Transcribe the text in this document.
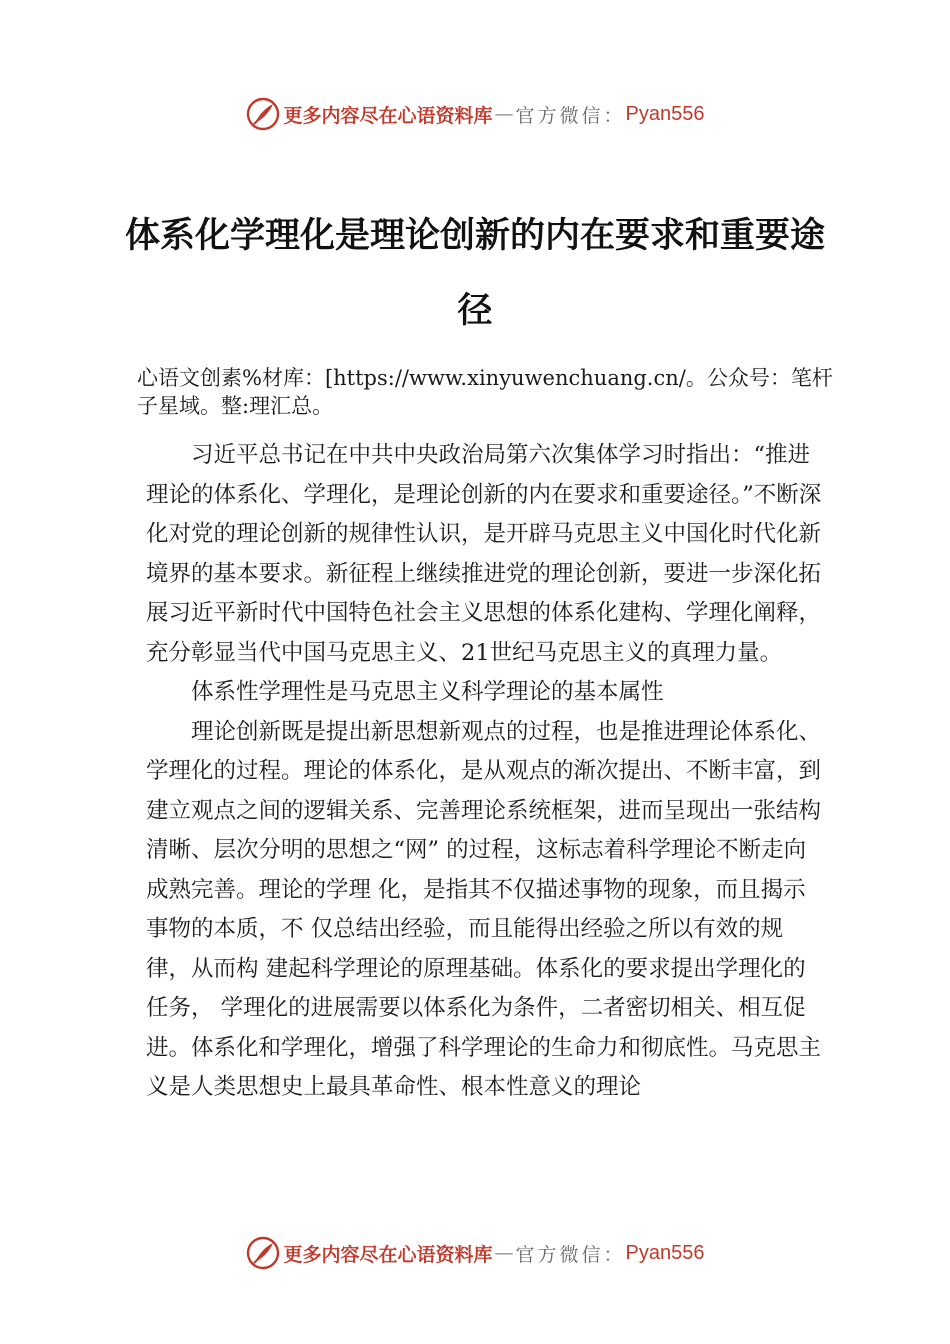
更多内容尽在心语资料库 — 官方微信： Pyan556
体系化学理化是理论创新的内在要求和重要途径
心语文创素%材库：[https://www.xinyuwenchuang.cn/。公众号：笔杆子星域。整:理汇总。

习近平总书记在中共中央政治局第六次集体学习时指出：“推进理论的体系化、学理化，是理论创新的内在要求和重要途径。”不断深化对党的理论创新的规律性认识，是开辟马克思主义中国化时代化新境界的基本要求。新征程上继续推进党的理论创新，要进一步深化拓展习近平新时代中国特色社会主义思想的体系化建构、学理化阐释，充分彰显当代中国马克思主义、21世纪马克思主义的真理力量。

体系性学理性是马克思主义科学理论的基本属性

理论创新既是提出新思想新观点的过程，也是推进理论体系化、学理化的过程。理论的体系化，是从观点的渐次提出、不断丰富，到建立观点之间的逻辑关系、完善理论系统框架，进而呈现出一张结构清晰、层次分明的思想之“网” 的过程，这标志着科学理论不断走向成熟完善。理论的学理 化，是指其不仅描述事物的现象，而且揭示事物的本质，不 仅总结出经验，而且能得出经验之所以有效的规律，从而构 建起科学理论的原理基础。体系化的要求提出学理化的任务， 学理化的进展需要以体系化为条件，二者密切相关、相互促 进。体系化和学理化，增强了科学理论的生命力和彻底性。马克思主义是人类思想史上最具革命性、根本性意义的理论

更多内容尽在心语资料库 — 官方微信： Pyan556
